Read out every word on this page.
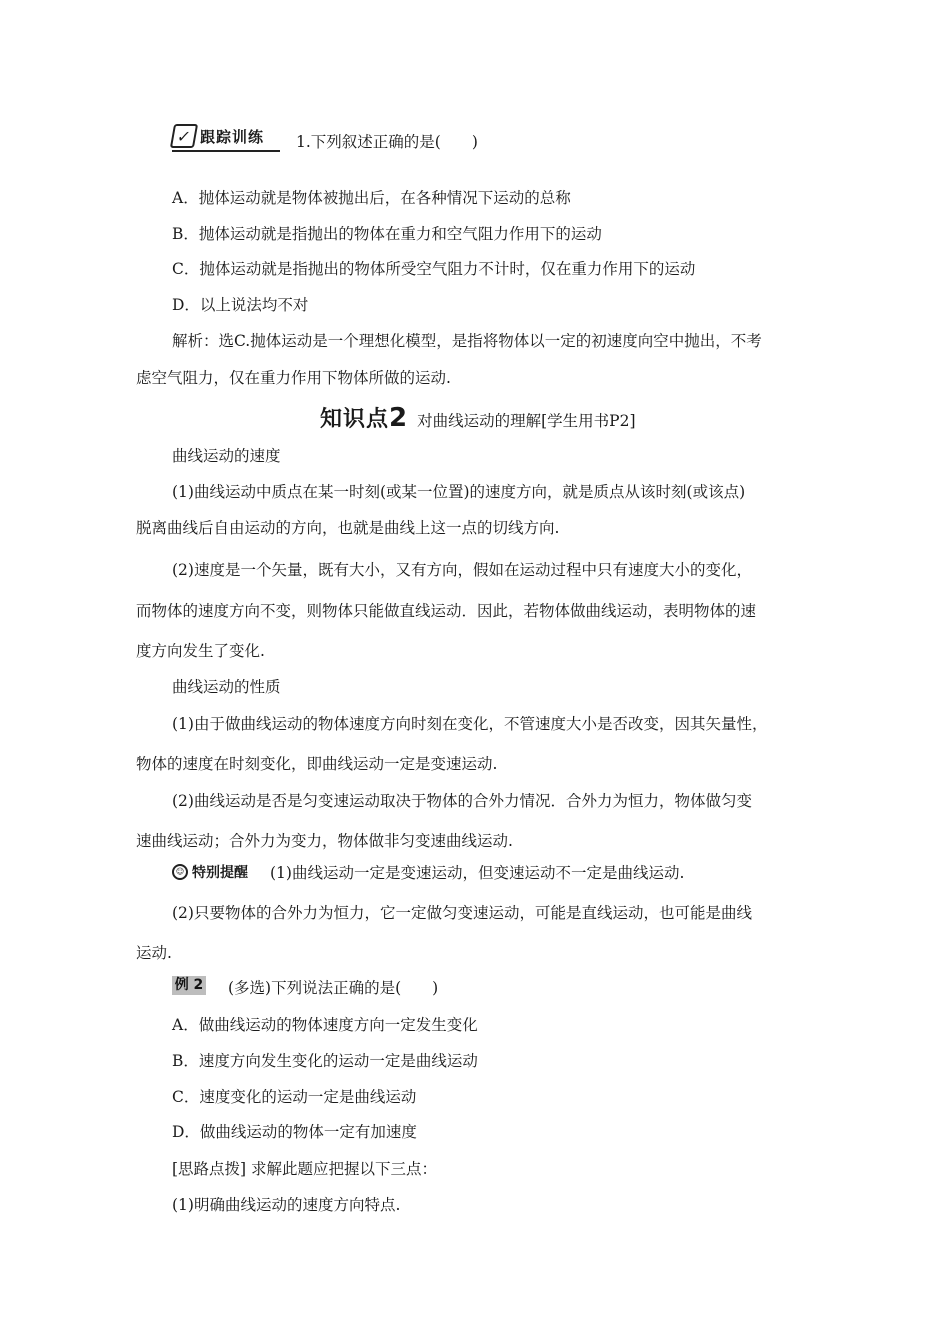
✓ 跟踪训练 1.下列叙述正确的是(　　)
A．抛体运动就是物体被抛出后，在各种情况下运动的总称
B．抛体运动就是指抛出的物体在重力和空气阻力作用下的运动
C．抛体运动就是指抛出的物体所受空气阻力不计时，仅在重力作用下的运动
D．以上说法均不对
解析：选C.抛体运动是一个理想化模型，是指将物体以一定的初速度向空中抛出，不考
虑空气阻力，仅在重力作用下物体所做的运动.
知识点2 对曲线运动的理解[学生用书P2]
曲线运动的速度
(1)曲线运动中质点在某一时刻(或某一位置)的速度方向，就是质点从该时刻(或该点)
脱离曲线后自由运动的方向，也就是曲线上这一点的切线方向.
(2)速度是一个矢量，既有大小，又有方向，假如在运动过程中只有速度大小的变化，
而物体的速度方向不变，则物体只能做直线运动．因此，若物体做曲线运动，表明物体的速
度方向发生了变化.
曲线运动的性质
(1)由于做曲线运动的物体速度方向时刻在变化，不管速度大小是否改变，因其矢量性，
物体的速度在时刻变化，即曲线运动一定是变速运动.
(2)曲线运动是否是匀变速运动取决于物体的合外力情况．合外力为恒力，物体做匀变
速曲线运动；合外力为变力，物体做非匀变速曲线运动.
☺ 特别提醒 (1)曲线运动一定是变速运动，但变速运动不一定是曲线运动.
(2)只要物体的合外力为恒力，它一定做匀变速运动，可能是直线运动，也可能是曲线
运动.
例 2 (多选)下列说法正确的是(　　)
A．做曲线运动的物体速度方向一定发生变化
B．速度方向发生变化的运动一定是曲线运动
C．速度变化的运动一定是曲线运动
D．做曲线运动的物体一定有加速度
[思路点拨] 求解此题应把握以下三点：
(1)明确曲线运动的速度方向特点.
